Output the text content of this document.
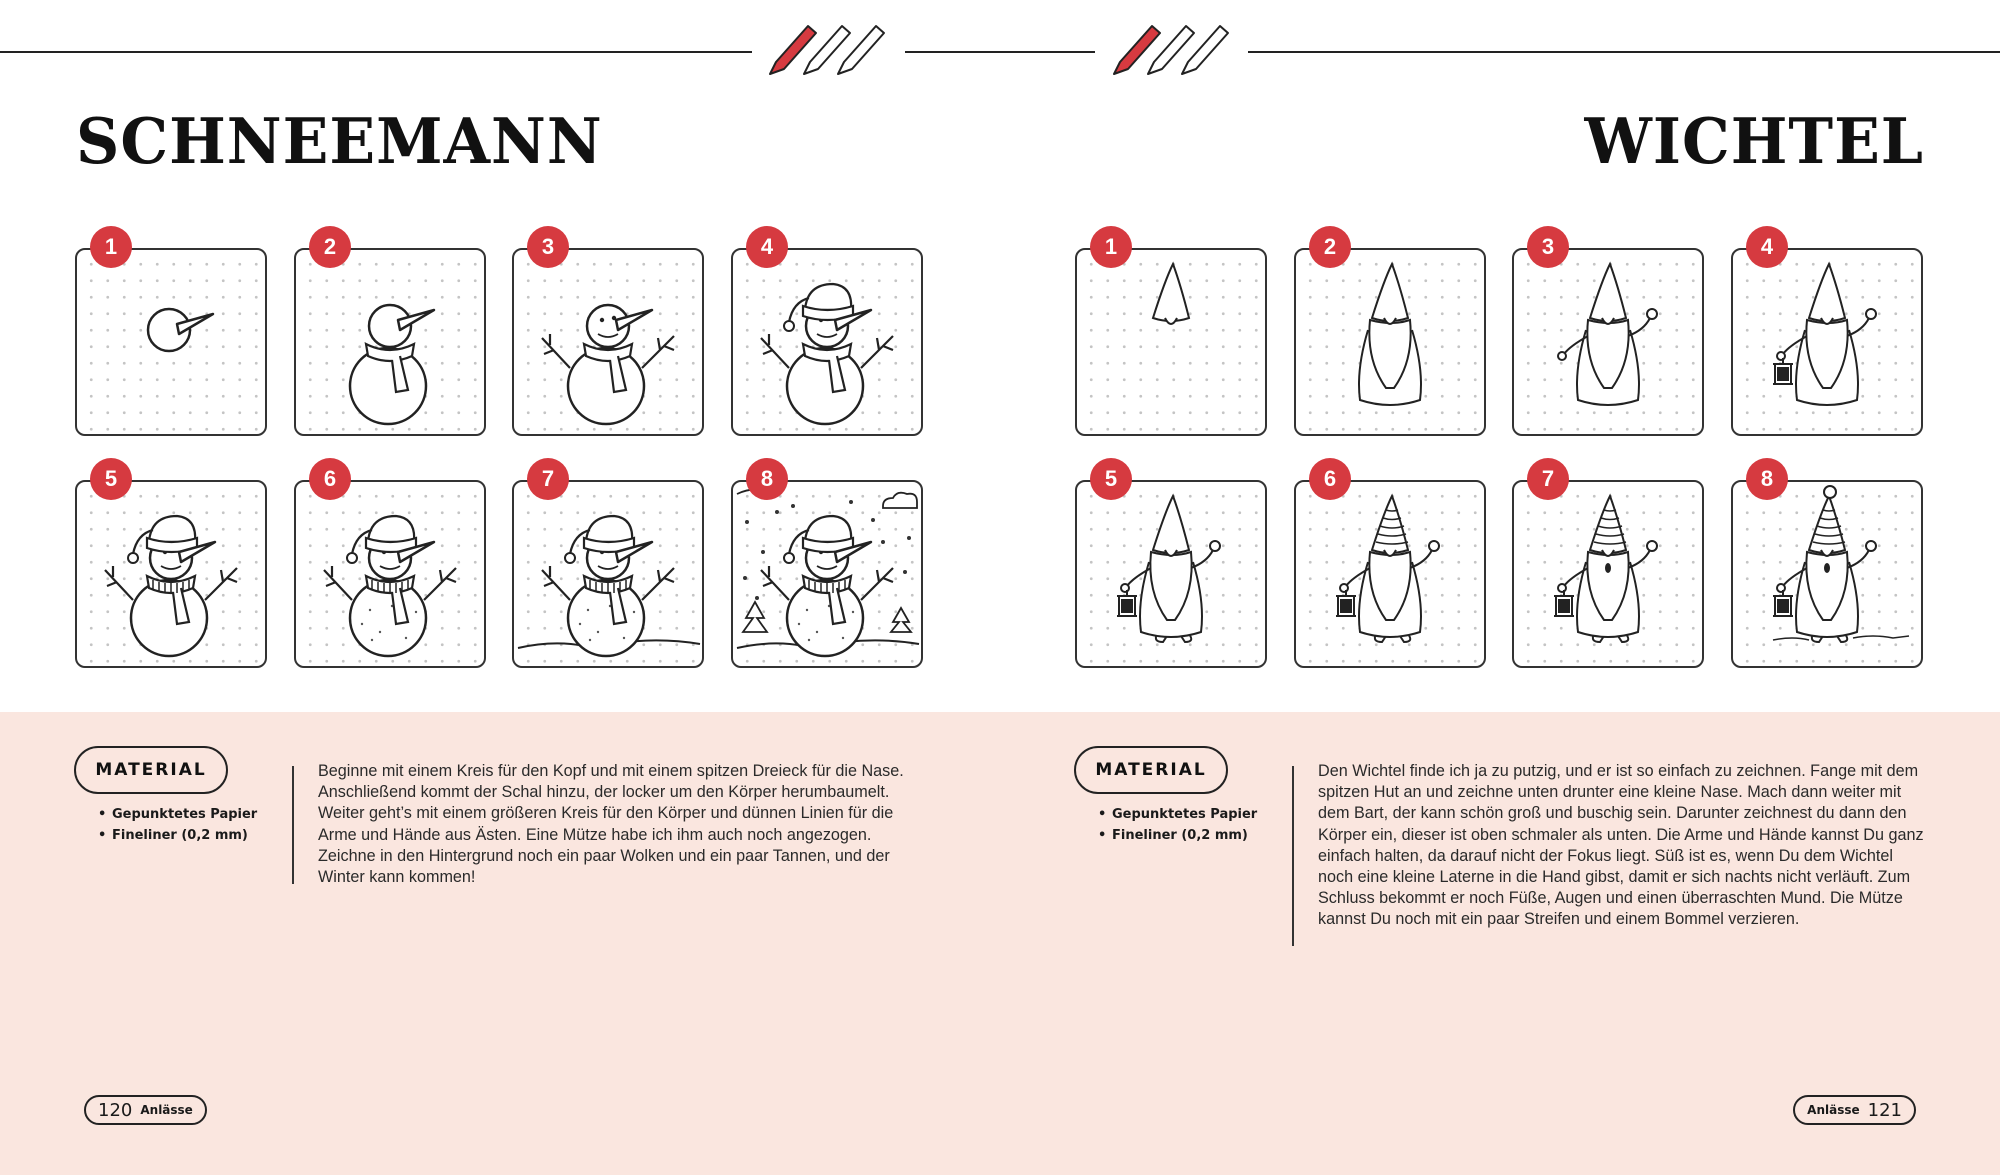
SCHNEEMANN	WICHTEL
1	2	3	4
5	6	7	8
1	2	3	4
5	6	7	8
MATERIAL
• Gepunktetes Papier
• Fineliner (0,2 mm)

Beginne mit einem Kreis für den Kopf und mit einem spitzen Dreieck für die Nase. Anschließend kommt der Schal hinzu, der locker um den Körper herumbaumelt. Weiter geht’s mit einem größeren Kreis für den Körper und dünnen Linien für die Arme und Hände aus Ästen. Eine Mütze habe ich ihm auch noch angezogen. Zeichne in den Hintergrund noch ein paar Wolken und ein paar Tannen, und der Winter kann kommen!

MATERIAL
• Gepunktetes Papier
• Fineliner (0,2 mm)

Den Wichtel finde ich ja zu putzig, und er ist so einfach zu zeichnen. Fange mit dem spitzen Hut an und zeichne unten drunter eine kleine Nase. Mach dann weiter mit dem Bart, der kann schön groß und buschig sein. Darunter zeichnest du dann den Körper ein, dieser ist oben schmaler als unten. Die Arme und Hände kannst Du ganz einfach halten, da darauf nicht der Fokus liegt. Süß ist es, wenn Du dem Wichtel noch eine kleine Laterne in die Hand gibst, damit er sich nachts nicht verläuft. Zum Schluss bekommt er noch Füße, Augen und einen überraschten Mund. Die Mütze kannst Du noch mit ein paar Streifen und einem Bommel verzieren.

120 Anlässe	Anlässe 121
